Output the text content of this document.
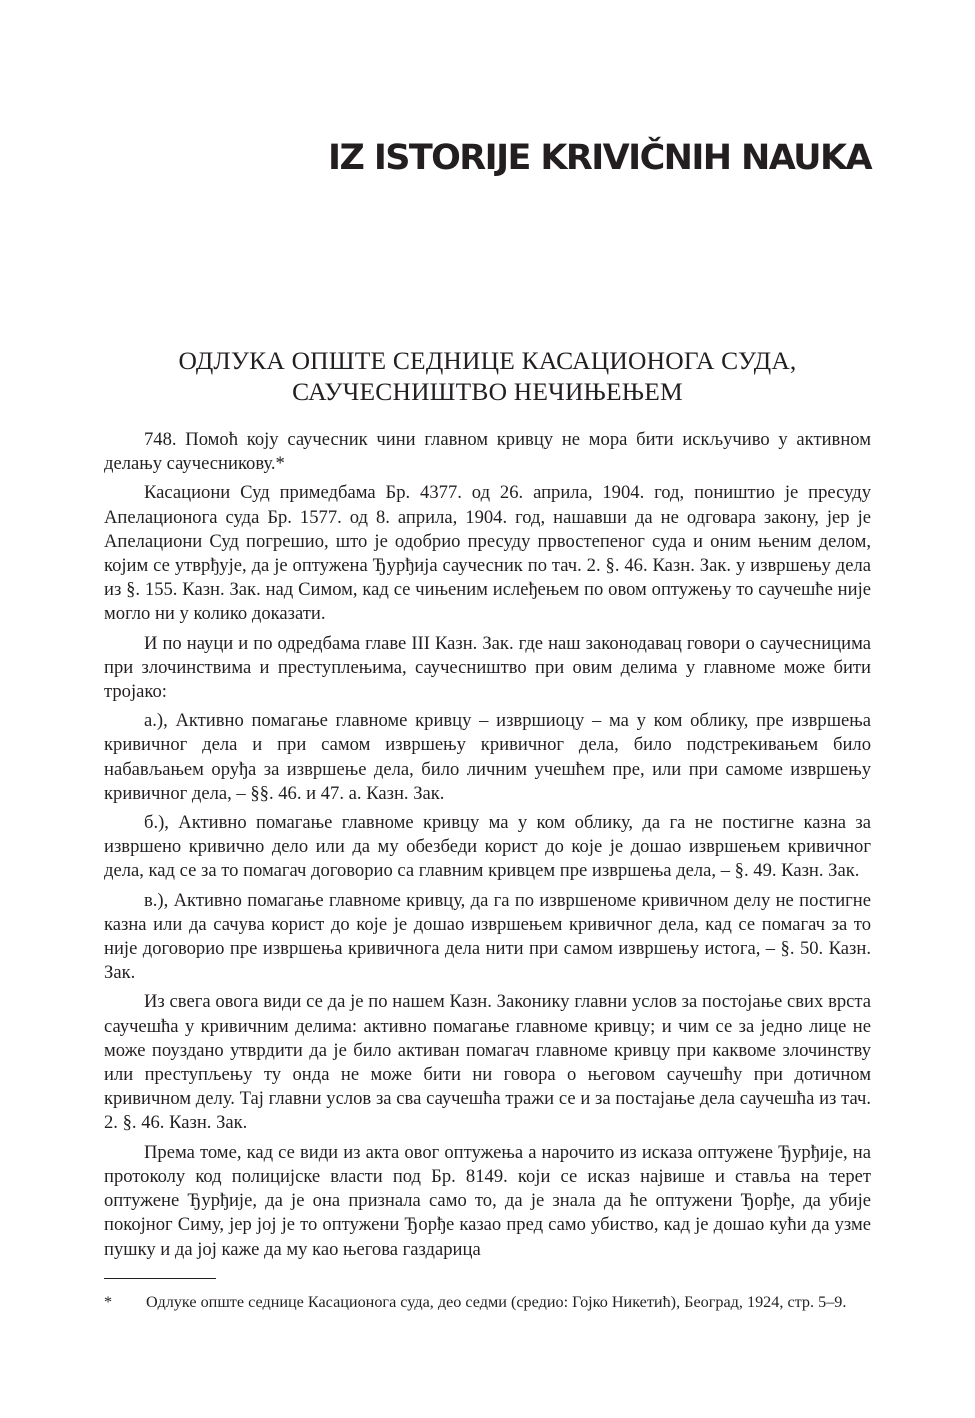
IZ ISTORIJE KRIVIČNIH NAUKA
ОДЛУКА ОПШТЕ СЕДНИЦЕ КАСАЦИОНОГА СУДА,
САУЧЕСНИШТВО НЕЧИЊЕЊЕМ

748. Помоћ коју саучесник чини главном кривцу не мора бити искључиво у активном делању саучесникову.*

Касациони Суд примедбама Бр. 4377. од 26. априла, 1904. год, поништио је пресуду Апелационога суда Бр. 1577. од 8. априла, 1904. год, нашавши да не одговара закону, јер је Апелациони Суд погрешио, што је одобрио пресуду првостепеног суда и оним њеним делом, којим се утврђује, да је оптужена Ђурђија саучесник по тач. 2. §. 46. Казн. Зак. у извршењу дела из §. 155. Казн. Зак. над Симом, кад се чињеним ислеђењем по овом оптужењу то саучешће није могло ни у колико доказати.

И по науци и по одредбама главе III Казн. Зак. где наш законодавац говори о саучесницима при злочинствима и преступлењима, саучесништво при овим делима у главноме може бити тројако:

а.), Активно помагање главноме кривцу – извршиоцу – ма у ком облику, пре извршења кривичног дела и при самом извршењу кривичног дела, било подстрекивањем било набављањем оруђа за извршење дела, било личним учешћем пре, или при самоме извршењу кривичног дела, – §§. 46. и 47. а. Казн. Зак.

б.), Активно помагање главноме кривцу ма у ком облику, да га не постигне казна за извршено кривично дело или да му обезбеди корист до које је дошао извршењем кривичног дела, кад се за то помагач договорио са главним кривцем пре извршења дела, – §. 49. Казн. Зак.

в.), Активно помагање главноме кривцу, да га по извршеноме кривичном делу не постигне казна или да сачува корист до које је дошао извршењем кривичног дела, кад се помагач за то није договорио пре извршења кривичнога дела нити при самом извршењу истога, – §. 50. Казн. Зак.

Из свега овога види се да је по нашем Казн. Законику главни услов за постојање свих врста саучешћа у кривичним делима: активно помагање главноме кривцу; и чим се за једно лице не може поуздано утврдити да је било активан помагач главноме кривцу при каквоме злочинству или преступљењу ту онда не може бити ни говора о његовом саучешћу при дотичном кривичном делу. Тај главни услов за сва саучешћа тражи се и за постајање дела саучешћа из тач. 2. §. 46. Казн. Зак.

Према томе, кад се види из акта овог оптужења а нарочито из исказа оптужене Ђурђије, на протоколу код полицијске власти под Бр. 8149. који се исказ највише и ставља на терет оптужене Ђурђије, да је она признала само то, да је знала да ће оптужени Ђорђе, да убије покојног Симу, јер јој је то оптужени Ђорђе казао пред само убиство, кад је дошао кући да узме пушку и да јој каже да му као његова газдарица

*	Одлуке опште седнице Касационога суда, део седми (средио: Гојко Никетић), Београд, 1924, стр. 5–9.
